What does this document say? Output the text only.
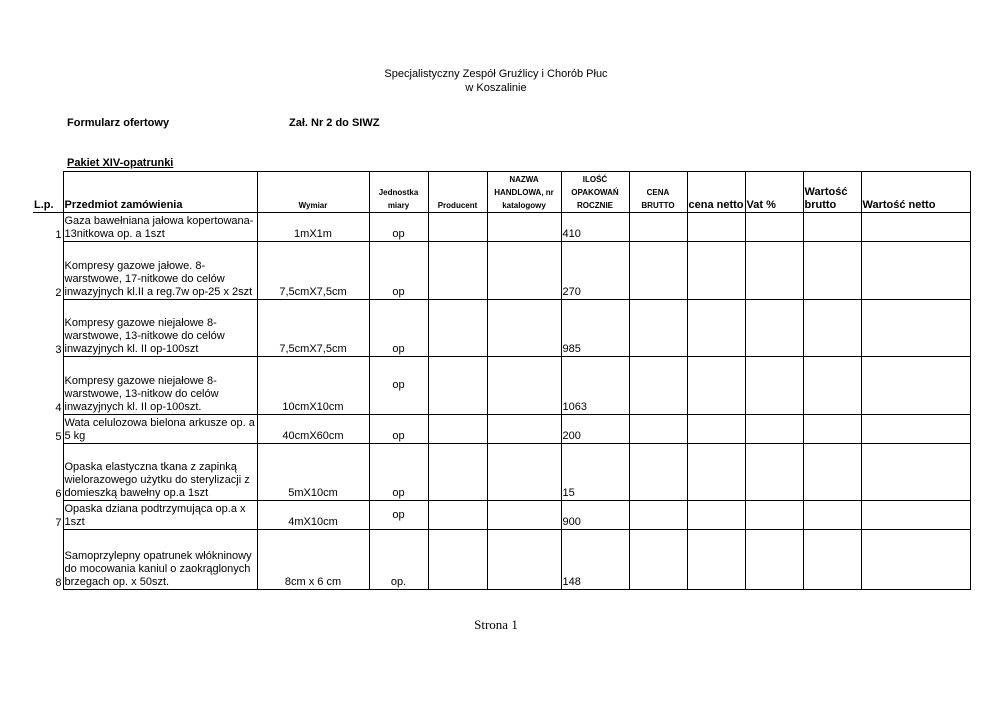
Specjalistyczny Zespół Gruźlicy i Chorób Płuc
w Koszalinie
Formularz ofertowy	Zał. Nr 2 do SIWZ
Pakiet XIV-opatrunki
L.p.	Przedmiot zamówienia	Wymiar	Jednostka miary	Producent	NAZWA HANDLOWA, nr katalogowy	ILOŚĆ OPAKOWAŃ ROCZNIE	CENA BRUTTO	cena netto	Vat %	Wartość brutto	Wartość netto
1	Gaza bawełniana jałowa kopertowana-13nitkowa op. a 1szt	1mX1m	op			410					
2	Kompresy gazowe jałowe. 8-warstwowe, 17-nitkowe do celów inwazyjnych kl.II a reg.7w op-25 x 2szt	7,5cmX7,5cm	op			270					
3	Kompresy gazowe niejałowe 8-warstwowe, 13-nitkowe do celów inwazyjnych kl. II op-100szt	7,5cmX7,5cm	op			985					
4	Kompresy gazowe niejałowe 8-warstwowe, 13-nitkow do celów inwazyjnych kl. II op-100szt.	10cmX10cm	op			1063					
5	Wata celulozowa bielona arkusze op. a 5 kg	40cmX60cm	op			200					
6	Opaska elastyczna tkana z zapinką wielorazowego użytku do sterylizacji z domieszką bawełny op.a 1szt	5mX10cm	op			15					
7	Opaska dziana podtrzymująca op.a x 1szt	4mX10cm	op			900					
8	Samoprzylepny opatrunek włókninowy do mocowania kaniul o zaokrąglonych brzegach op. x 50szt.	8cm x 6 cm	op.			148					
Strona 1
